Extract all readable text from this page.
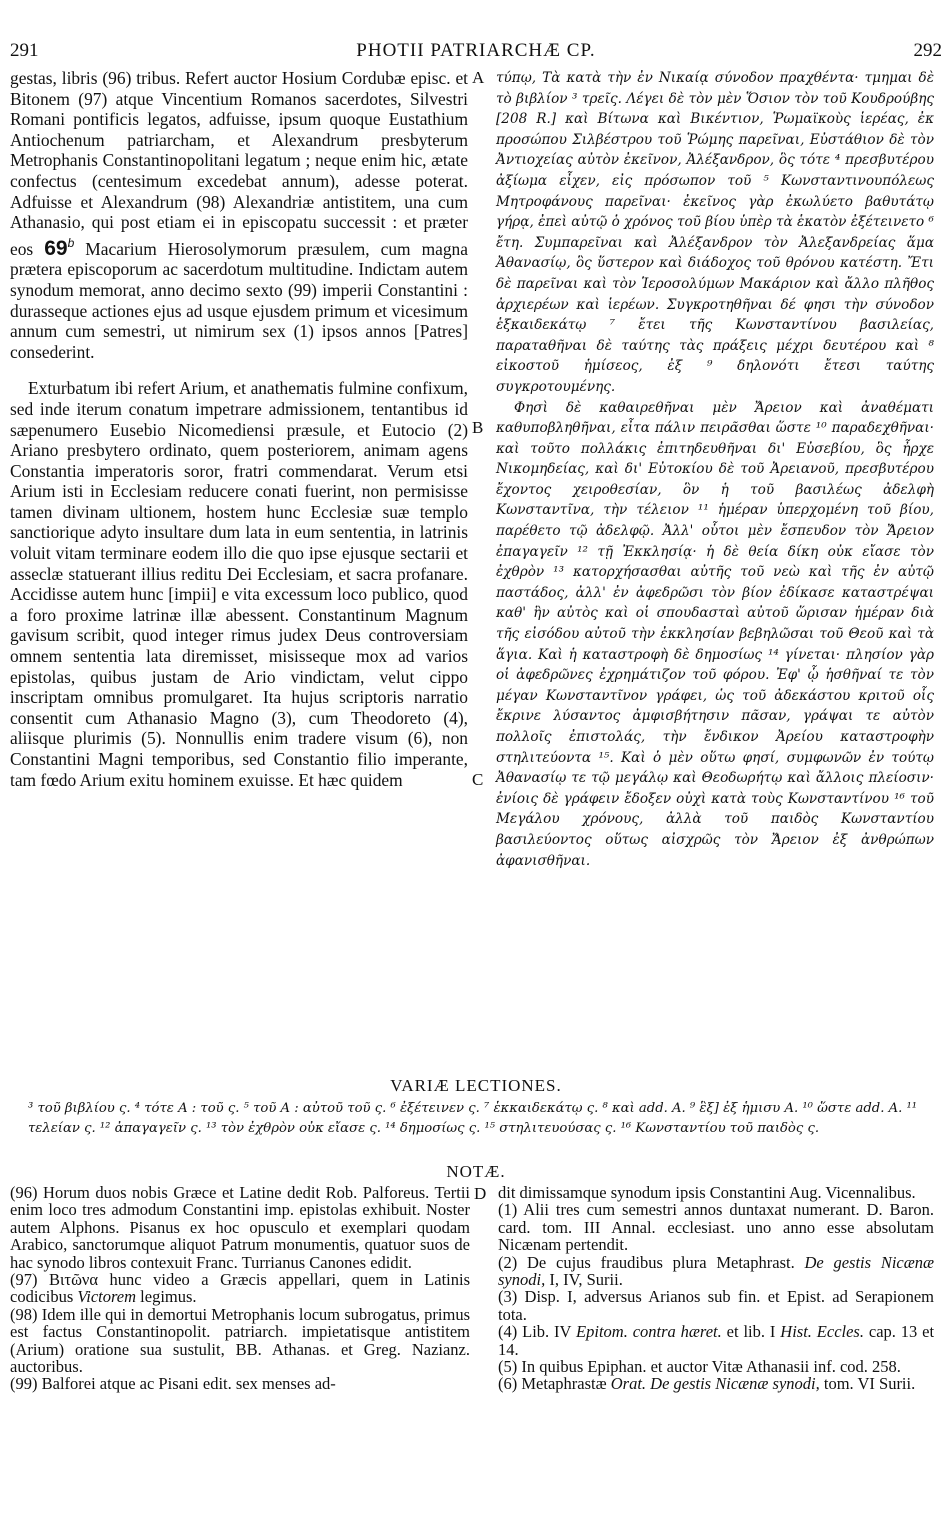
291	PHOTII PATRIARCHÆ CP.	292

gestas, libris (96) tribus. Refert auctor Hosium Cordubæ episc. et Bitonem (97) atque Vincentium Romanos sacerdotes, Silvestri Romani pontificis legatos, adfuisse, ipsum quoque Eustathium Antiochenum patriarcham, et Alexandrum presbyterum Metrophanis Constantinopolitani legatum ; neque enim hic, ætate confectus (centesimum excedebat annum), adesse poterat. Adfuisse et Alexandrum (98) Alexandriæ antistitem, una cum Athanasio, qui post etiam ei in episcopatu successit : et præter eos 69$^b$ Macarium Hierosolymorum præsulem, cum magna prætera episcoporum ac sacerdotum multitudine. Indictam autem synodum memorat, anno decimo sexto (99) imperii Constantini : durasseque actiones ejus ad usque ejusdem primum et vicesimum annum cum semestri, ut nimirum sex (1) ipsos annos [Patres] consederint.

Exturbatum ibi refert Arium, et anathematis fulmine confixum, sed inde iterum conatum impetrare admissionem, tentantibus id sæpenumero Eusebio Nicomediensi præsule, et Eutocio (2) Ariano presbytero ordinato, quem posteriorem, animam agens Constantia imperatoris soror, fratri commendarat. Verum etsi Arium isti in Ecclesiam reducere conati fuerint, non permisisse tamen divinam ultionem, hostem hunc Ecclesiæ suæ templo sanctiorique adyto insultare dum lata in eum sententia, in latrinis voluit vitam terminare eodem illo die quo ipse ejusque sectarii et asseclæ statuerant illius reditu Dei Ecclesiam, et sacra profanare. Accidisse autem hunc [impii] e vita excessum loco publico, quod a foro proxime latrinæ illæ abessent. Constantinum Magnum gavisum scribit, quod integer rimus judex Deus controversiam omnem sententia lata diremisset, misisseque mox ad varios epistolas, quibus justam de Ario vindictam, velut cippo inscriptam omnibus promulgaret. Ita hujus scriptoris narratio consentit cum Athanasio Magno (3), cum Theodoreto (4), aliisque plurimis (5). Nonnullis enim tradere visum (6), non Constantini Magni temporibus, sed Constantio filio imperante, tam fœdo Arium exitu hominem exuisse. Et hæc quidem

A
B
C

τύπῳ, Τὰ κατὰ τὴν ἐν Νικαίᾳ σύνοδον πραχθέντα· τμημαι δὲ τὸ βιβλίον ³ τρεῖς. Λέγει δὲ τὸν μὲν Ὅσιον τὸν τοῦ Κουδρούβης [208 R.] καὶ Βίτωνα καὶ Βικέντιον, Ῥωμαϊκοὺς ἱερέας, ἐκ προσώπου Σιλβέστρου τοῦ Ῥώμης παρεῖναι, Εὐστάθιον δὲ τὸν Ἀντιοχείας αὐτὸν ἐκεῖνον, Ἀλέξανδρον, ὃς τότε ⁴ πρεσβυτέρου ἀξίωμα εἶχεν, εἰς πρόσωπον τοῦ ⁵ Κωνσταντινουπόλεως Μητροφάνους παρεῖναι· ἐκεῖνος γὰρ ἐκωλύετο βαθυτάτῳ γήρᾳ, ἐπεὶ αὐτῷ ὁ χρόνος τοῦ βίου ὑπὲρ τὰ ἑκατὸν ἐξέτεινετο ⁶ ἔτη. Συμπαρεῖναι καὶ Ἀλέξανδρον τὸν Ἀλεξανδρείας ἅμα Ἀθανασίῳ, ὃς ὕστερον καὶ διάδοχος τοῦ θρόνου κατέστη. Ἔτι δὲ παρεῖναι καὶ τὸν Ἱεροσολύμων Μακάριον καὶ ἄλλο πλῆθος ἀρχιερέων καὶ ἱερέων. Συγκροτηθῆναι δέ φησι τὴν σύνοδον ἑξκαιδεκάτῳ ⁷ ἔτει τῆς Κωνσταντίνου βασιλείας, παραταθῆναι δὲ ταύτης τὰς πράξεις μέχρι δευτέρου καὶ ⁸ εἰκοστοῦ ἡμίσεος, ἐξ ⁹ δηλονότι ἔτεσι ταύτης συγκροτουμένης.

Φησὶ δὲ καθαιρεθῆναι μὲν Ἄρειον καὶ ἀναθέματι καθυποβληθῆναι, εἶτα πάλιν πειρᾶσθαι ὥστε ¹⁰ παραδεχθῆναι· καὶ τοῦτο πολλάκις ἐπιτηδευθῆναι δι' Εὐσεβίου, ὃς ἦρχε Νικομηδείας, καὶ δι' Εὐτοκίου δὲ τοῦ Ἀρειανοῦ, πρεσβυτέρου ἔχοντος χειροθεσίαν, ὃν ἡ τοῦ βασιλέως ἀδελφὴ Κωνσταντῖνα, τὴν τέλειον ¹¹ ἡμέραν ὑπερχομένη τοῦ βίου, παρέθετο τῷ ἀδελφῷ. Ἀλλ' οὗτοι μὲν ἔσπευδον τὸν Ἄρειον ἐπαγαγεῖν ¹² τῇ Ἐκκλησίᾳ· ἡ δὲ θεία δίκη οὐκ εἴασε τὸν ἐχθρὸν ¹³ κατορχήσασθαι αὐτῆς τοῦ νεὼ καὶ τῆς ἐν αὐτῷ παστάδος, ἀλλ' ἐν ἀφεδρῶσι τὸν βίον ἐδίκασε καταστρέψαι καθ' ἣν αὐτὸς καὶ οἱ σπουδασταὶ αὐτοῦ ὥρισαν ἡμέραν διὰ τῆς εἰσόδου αὐτοῦ τὴν ἐκκλησίαν βεβηλῶσαι τοῦ Θεοῦ καὶ τὰ ἅγια. Καὶ ἡ καταστροφὴ δὲ δημοσίως ¹⁴ γίνεται· πλησίον γὰρ οἱ ἀφεδρῶνες ἐχρημάτιζον τοῦ φόρου. Ἐφ' ᾧ ἡσθῆναί τε τὸν μέγαν Κωνσταντῖνον γράφει, ὡς τοῦ ἀδεκάστου κριτοῦ οἷς ἔκρινε λύσαντος ἀμφισβήτησιν πᾶσαν, γράψαι τε αὐτὸν πολλοῖς ἐπιστολάς, τὴν ἔνδικον Ἀρείου καταστροφὴν στηλιτεύοντα ¹⁵. Καὶ ὁ μὲν οὕτω φησί, συμφωνῶν ἐν τούτῳ Ἀθανασίῳ τε τῷ μεγάλῳ καὶ Θεοδωρήτῳ καὶ ἄλλοις πλείοσιν· ἐνίοις δὲ γράφειν ἔδοξεν οὐχὶ κατὰ τοὺς Κωνσταντίνου ¹⁶ τοῦ Μεγάλου χρόνους, ἀλλὰ τοῦ παιδὸς Κωνσταντίου βασιλεύοντος οὕτως αἰσχρῶς τὸν Ἄρειον ἐξ ἀνθρώπων ἀφανισθῆναι.

VARIÆ LECTIONES.
³ τοῦ βιβλίου ς. ⁴ τότε A : τοῦ ς. ⁵ τοῦ A : αὐτοῦ τοῦ ς. ⁶ ἐξέτεινεν ς. ⁷ ἑκκαιδεκάτῳ ς. ⁸ καὶ add. A. ⁹ ἓξ] ἐξ ἡμισυ A. ¹⁰ ὥστε add. A. ¹¹ τελείαν ς. ¹² ἀπαγαγεῖν ς. ¹³ τὸν ἐχθρὸν οὐκ εἴασε ς. ¹⁴ δημοσίως ς. ¹⁵ στηλιτευούσας ς. ¹⁶ Κωνσταντίου τοῦ παιδὸς ς.
NOTÆ.

(96) Horum duos nobis Græce et Latine dedit Rob. Palforeus. Tertii enim loco tres admodum Constantini imp. epistolas exhibuit. Noster autem Alphons. Pisanus ex hoc opusculo et exemplari quodam Arabico, sanctorumque aliquot Patrum monumentis, quatuor suos de hac synodo libros contexuit Franc. Turrianus Canones edidit.

(97) Βιτῶνα hunc video a Græcis appellari, quem in Latinis codicibus Victorem legimus.

(98) Idem ille qui in demortui Metrophanis locum subrogatus, primus est factus Constantinopolit. patriarch. impietatisque antistitem (Arium) oratione sua sustulit, BB. Athanas. et Greg. Nazianz. auctoribus.

(99) Balforei atque ac Pisani edit. sex menses ad-

D dit dimissamque synodum ipsis Constantini Aug. Vicennalibus.

(1) Alii tres cum semestri annos duntaxat numerant. D. Baron. card. tom. III Annal. ecclesiast. uno anno esse absolutam Nicænam pertendit.

(2) De cujus fraudibus plura Metaphrast. De gestis Nicænæ synodi, I, IV, Surii.

(3) Disp. I, adversus Arianos sub fin. et Epist. ad Serapionem tota.

(4) Lib. IV Epitom. contra hæret. et lib. I Hist. Eccles. cap. 13 et 14.

(5) In quibus Epiphan. et auctor Vitæ Athanasii inf. cod. 258.

(6) Metaphrastæ Orat. De gestis Nicænæ synodi, tom. VI Surii.
